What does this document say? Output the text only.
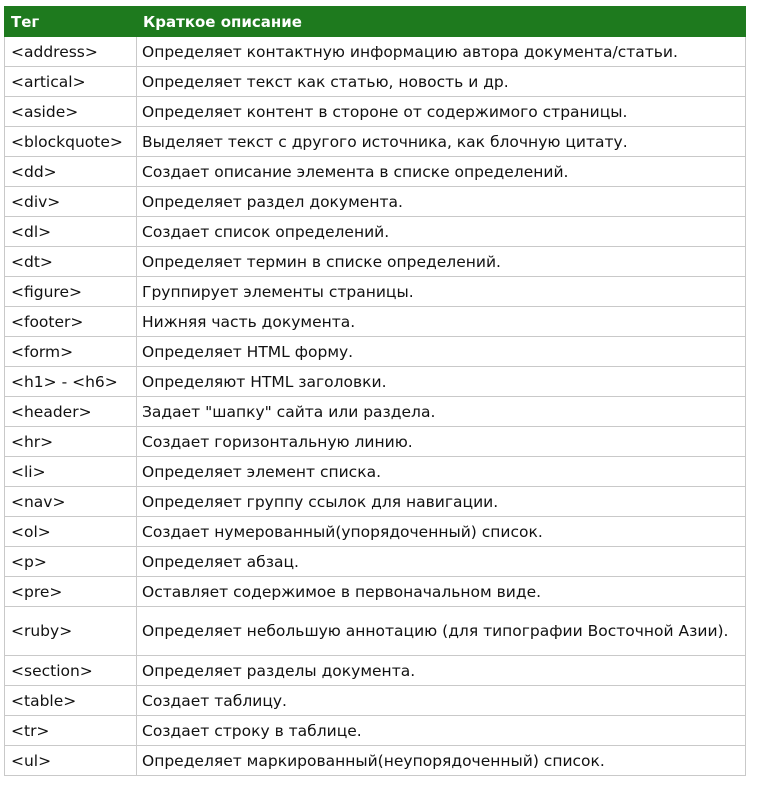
Тег	Краткое описание
<address>	Определяет контактную информацию автора документа/статьи.
<artical>	Определяет текст как статью, новость и др.
<aside>	Определяет контент в стороне от содержимого страницы.
<blockquote>	Выделяет текст с другого источника, как блочную цитату.
<dd>	Создает описание элемента в списке определений.
<div>	Определяет раздел документа.
<dl>	Создает список определений.
<dt>	Определяет термин в списке определений.
<figure>	Группирует элементы страницы.
<footer>	Нижняя часть документа.
<form>	Определяет HTML форму.
<h1> - <h6>	Определяют HTML заголовки.
<header>	Задает "шапку" сайта или раздела.
<hr>	Создает горизонтальную линию.
<li>	Определяет элемент списка.
<nav>	Определяет группу ссылок для навигации.
<ol>	Создает нумерованный(упорядоченный) список.
<p>	Определяет абзац.
<pre>	Оставляет содержимое в первоначальном виде.
<ruby>	Определяет небольшую аннотацию (для типографии Восточной Азии).
<section>	Определяет разделы документа.
<table>	Создает таблицу.
<tr>	Создает строку в таблице.
<ul>	Определяет маркированный(неупорядоченный) список.
